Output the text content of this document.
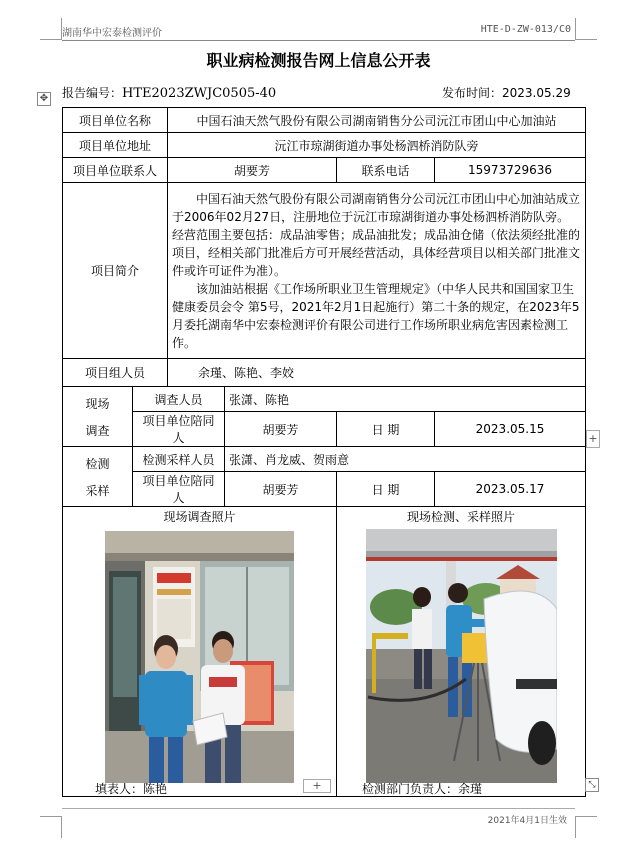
湖南华中宏泰检测评价	HTE-D-ZW-013/C0
职业病检测报告网上信息公开表
报告编号：HTE2023ZWJC0505-40	发布时间：2023.05.29
✥
项目单位名称		中国石油天然气股份有限公司湖南销售分公司沅江市团山中心加油站			
项目单位地址		沅江市琼湖街道办事处杨泗桥消防队旁			
项目单位联系人		胡要芳		联系电话	15973729636
项目简介		中国石油天然气股份有限公司湖南销售分公司沅江市团山中心加油站成立于2006年02月27日，注册地位于沅江市琼湖街道办事处杨泗桥消防队旁。经营范围主要包括：成品油零售；成品油批发；成品油仓储（依法须经批准的项目，经相关部门批准后方可开展经营活动，具体经营项目以相关部门批准文件或许可证件为准）。

该加油站根据《工作场所职业卫生管理规定》（中华人民共和国国家卫生健康委员会令 第5号，2021年2月1日起施行）第二十条的规定，在2023年5月委托湖南华中宏泰检测评价有限公司进行工作场所职业病危害因素检测工作。			

项目组人员		余瑾、陈艳、李姣			

现场
调查	调查人员		张潇、陈艳		
	项目单位陪同人		胡要芳	日 期	2023.05.15

检测
采样	检测采样人员		张潇、肖龙威、贺雨意		
	项目单位陪同人		胡要芳	日 期	2023.05.17

现场调查照片				现场检测、采样照片	
+
+	⤡
填表人：陈艳	检测部门负责人：余瑾
2021年4月1日生效
